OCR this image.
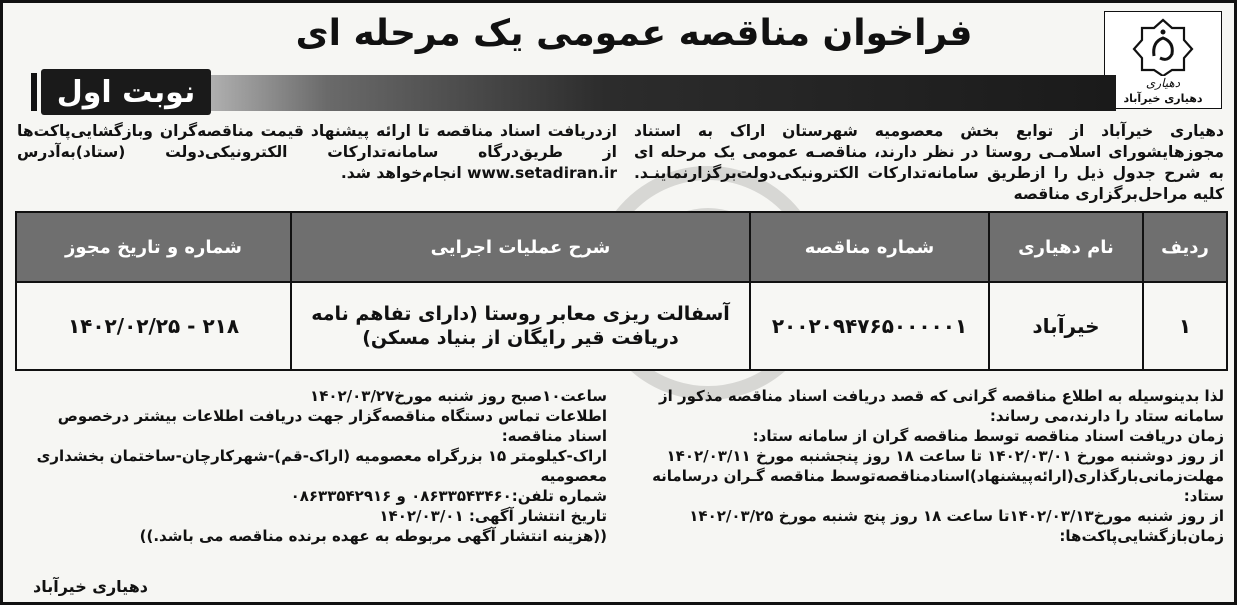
دهیاری
دهیاری خیرآباد
فراخوان مناقصه عمومی یک مرحله ای
نوبت اول
دهیاری خیرآباد از توابع بخش معصومیه شهرستان اراک به استناد مجوزهایشورای اسلامـی روستا در نظر دارند، مناقصـه عمومی یک مرحله ای به شرح جدول ذیل را ازطریق سامانه‌تدارکات الکترونیکی‌دولت‌برگزارنماینـد. کلیه مراحل‌برگزاری مناقصه
ازدریافت اسناد مناقصه تا ارائه پیشنهاد قیمت مناقصه‌گران وبازگشایی‌پاکت‌ها از طریق‌درگاه سامانه‌تدارکات الکترونیکی‌دولت (ستاد)به‌آدرس www.setadiran.ir انجام‌خواهد شد.
ردیف	نام دهیاری	شماره مناقصه	شرح عملیات اجرایی	شماره و تاریخ مجوز
۱	خیرآباد	۲۰۰۲۰۹۴۷۶۵۰۰۰۰۰۱	آسفالت ریزی معابر روستا (دارای تفاهم نامه دریافت قیر رایگان از بنیاد مسکن)	۲۱۸ - ۱۴۰۲/۰۲/۲۵
لذا بدینوسیله به اطلاع مناقصه گرانی که قصد دریافت اسناد مناقصه مذکور از سامانه ستاد را دارند،می رساند:
زمان دریافت اسناد مناقصه توسط مناقصه گران از سامانه ستاد:
از روز دوشنبه مورخ ۱۴۰۲/۰۳/۰۱ تا ساعت ۱۸ روز پنجشنبه مورخ ۱۴۰۲/۰۳/۱۱
مهلت‌زمانی‌بارگذاری(ارائه‌پیشنهاد)اسنادمناقصه‌توسط مناقصه گـران درسامانه ستاد:
از روز شنبه مورخ۱۴۰۲/۰۳/۱۳تا ساعت ۱۸ روز پنج شنبه مورخ ۱۴۰۲/۰۳/۲۵
زمان‌بازگشایی‌پاکت‌ها:
ساعت۱۰صبح روز شنبه مورخ۱۴۰۲/۰۳/۲۷
اطلاعات تماس دستگاه مناقصه‌گزار جهت دریافت اطلاعات بیشتر درخصوص اسناد مناقصه:
اراک-کیلومتر ۱۵ بزرگراه معصومیه (اراک-قم)-شهرکارچان-ساختمان بخشداری معصومیه
شماره تلفن:۰۸۶۳۳۵۴۳۴۶۰ و ۰۸۶۳۳۵۴۲۹۱۶
تاریخ انتشار آگهی: ۱۴۰۲/۰۳/۰۱
((هزینه انتشار آگهی مربوطه به عهده برنده مناقصه می باشد.))
دهیاری خیرآباد
